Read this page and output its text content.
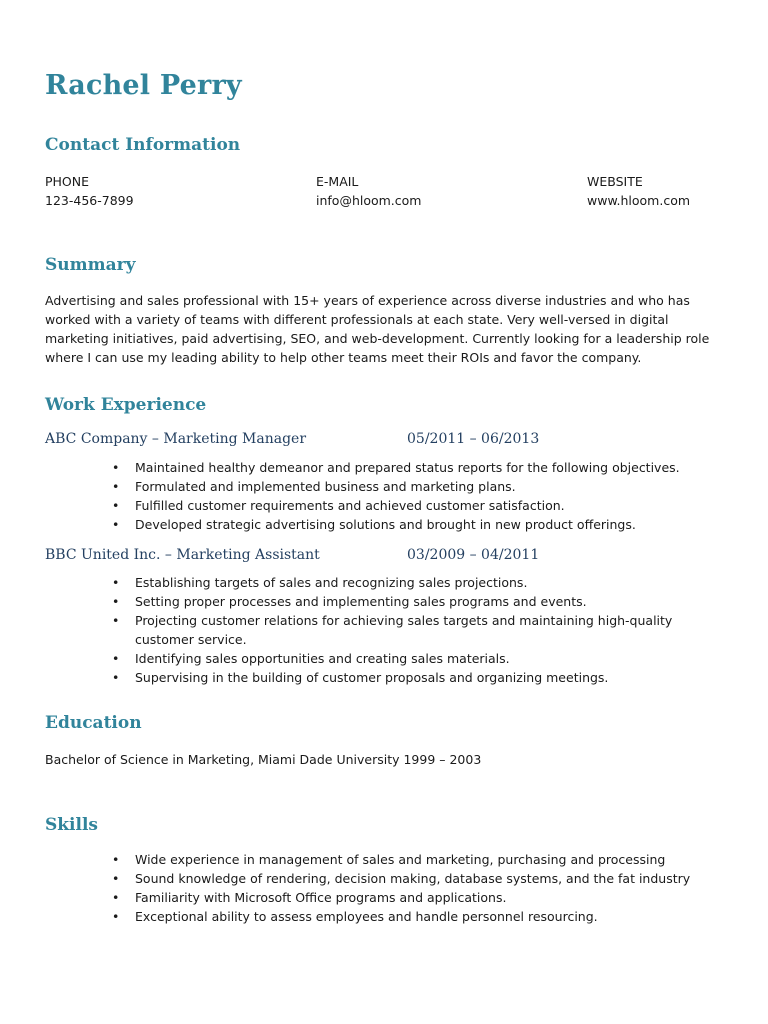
Rachel Perry
Contact Information
PHONE
123-456-7899
E-MAIL
info@hloom.com
WEBSITE
www.hloom.com
Summary

Advertising and sales professional with 15+ years of experience across diverse industries and who has worked with a variety of teams with different professionals at each state. Very well-versed in digital marketing initiatives, paid advertising, SEO, and web-development. Currently looking for a leadership role where I can use my leading ability to help other teams meet their ROIs and favor the company.

Work Experience
ABC Company – Marketing Manager	05/2011 – 06/2013
• Maintained healthy demeanor and prepared status reports for the following objectives.
• Formulated and implemented business and marketing plans.
• Fulfilled customer requirements and achieved customer satisfaction.
• Developed strategic advertising solutions and brought in new product offerings.
BBC United Inc. – Marketing Assistant	03/2009 – 04/2011
• Establishing targets of sales and recognizing sales projections.
• Setting proper processes and implementing sales programs and events.
• Projecting customer relations for achieving sales targets and maintaining high-quality customer service.
• Identifying sales opportunities and creating sales materials.
• Supervising in the building of customer proposals and organizing meetings.
Education
Bachelor of Science in Marketing, Miami Dade University 1999 – 2003
Skills
• Wide experience in management of sales and marketing, purchasing and processing
• Sound knowledge of rendering, decision making, database systems, and the fat industry
• Familiarity with Microsoft Office programs and applications.
• Exceptional ability to assess employees and handle personnel resourcing.
